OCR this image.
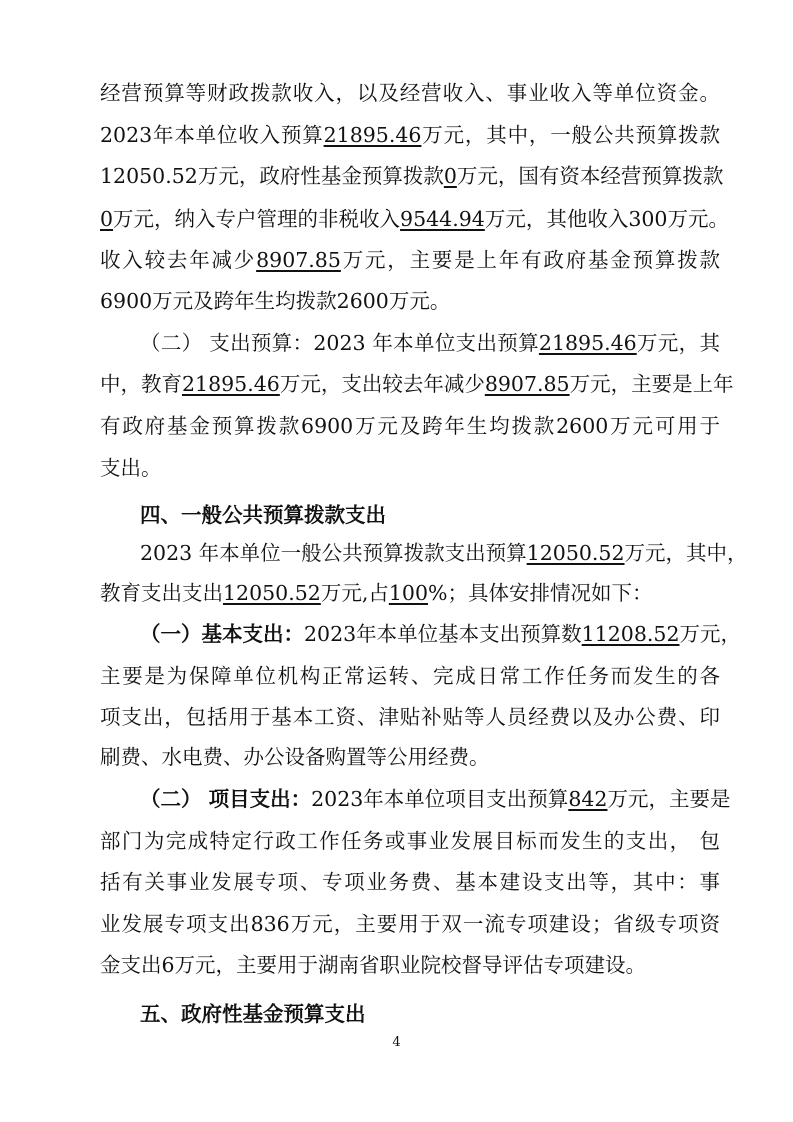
4
经营预算等财政拨款收入，以及经营收入、事业收入等单位资金。
2023年本单位收入预算21895.46万元，其中，一般公共预算拨款
12050.52万元，政府性基金预算拨款0万元，国有资本经营预算拨款
0万元，纳入专户管理的非税收入9544.94万元，其他收入300万元。
收入较去年减少8907.85万元，主要是上年有政府基金预算拨款
6900万元及跨年生均拨款2600万元。
（二） 支出预算：2023 年本单位支出预算21895.46万元，其
中，教育21895.46万元，支出较去年减少8907.85万元，主要是上年
有政府基金预算拨款6900万元及跨年生均拨款2600万元可用于
支出。
四、一般公共预算拨款支出
2023 年本单位一般公共预算拨款支出预算12050.52万元，其中，
教育支出支出12050.52万元,占100%；具体安排情况如下：
（一）基本支出：2023年本单位基本支出预算数11208.52万元，
主要是为保障单位机构正常运转、完成日常工作任务而发生的各
项支出，包括用于基本工资、津贴补贴等人员经费以及办公费、印
刷费、水电费、办公设备购置等公用经费。
（二） 项目支出：2023年本单位项目支出预算842万元，主要是
部门为完成特定行政工作任务或事业发展目标而发生的支出， 包
括有关事业发展专项、专项业务费、基本建设支出等，其中：事
业发展专项支出836万元，主要用于双一流专项建设；省级专项资
金支出6万元，主要用于湖南省职业院校督导评估专项建设。
五、政府性基金预算支出
